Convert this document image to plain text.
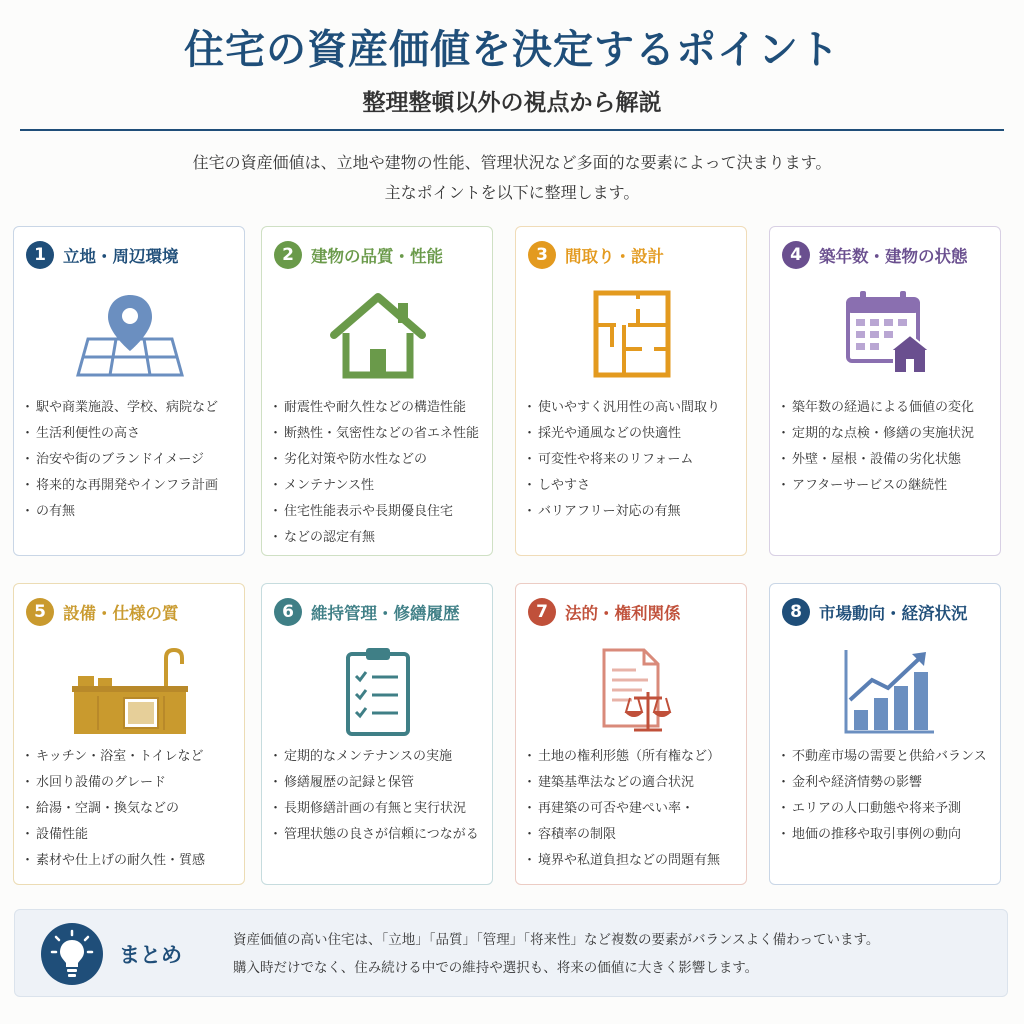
住宅の資産価値を決定するポイント
整理整頓以外の視点から解説

住宅の資産価値は、立地や建物の性能、管理状況など多面的な要素によって決まります。

主なポイントを以下に整理します。

1	立地・周辺環境
・ 駅や商業施設、学校、病院など
・ 生活利便性の高さ
・ 治安や街のブランドイメージ
・ 将来的な再開発やインフラ計画
・ の有無
2	建物の品質・性能
・ 耐震性や耐久性などの構造性能
・ 断熱性・気密性などの省エネ性能
・ 劣化対策や防水性などの
・ メンテナンス性
・ 住宅性能表示や長期優良住宅
・ などの認定有無
3	間取り・設計
・ 使いやすく汎用性の高い間取り
・ 採光や通風などの快適性
・ 可変性や将来のリフォーム
・ しやすさ
・ バリアフリー対応の有無
4	築年数・建物の状態
・ 築年数の経過による価値の変化
・ 定期的な点検・修繕の実施状況
・ 外壁・屋根・設備の劣化状態
・ アフターサービスの継続性
5	設備・仕様の質
・ キッチン・浴室・トイレなど
・ 水回り設備のグレード
・ 給湯・空調・換気などの
・ 設備性能
・ 素材や仕上げの耐久性・質感
6	維持管理・修繕履歴
・ 定期的なメンテナンスの実施
・ 修繕履歴の記録と保管
・ 長期修繕計画の有無と実行状況
・ 管理状態の良さが信頼につながる
7	法的・権利関係
・ 土地の権利形態（所有権など）
・ 建築基準法などの適合状況
・ 再建築の可否や建ぺい率・
・ 容積率の制限
・ 境界や私道負担などの問題有無
8	市場動向・経済状況
・ 不動産市場の需要と供給バランス
・ 金利や経済情勢の影響
・ エリアの人口動態や将来予測
・ 地価の推移や取引事例の動向
まとめ

資産価値の高い住宅は、「立地」「品質」「管理」「将来性」など複数の要素がバランスよく備わっています。

購入時だけでなく、住み続ける中での維持や選択も、将来の価値に大きく影響します。
